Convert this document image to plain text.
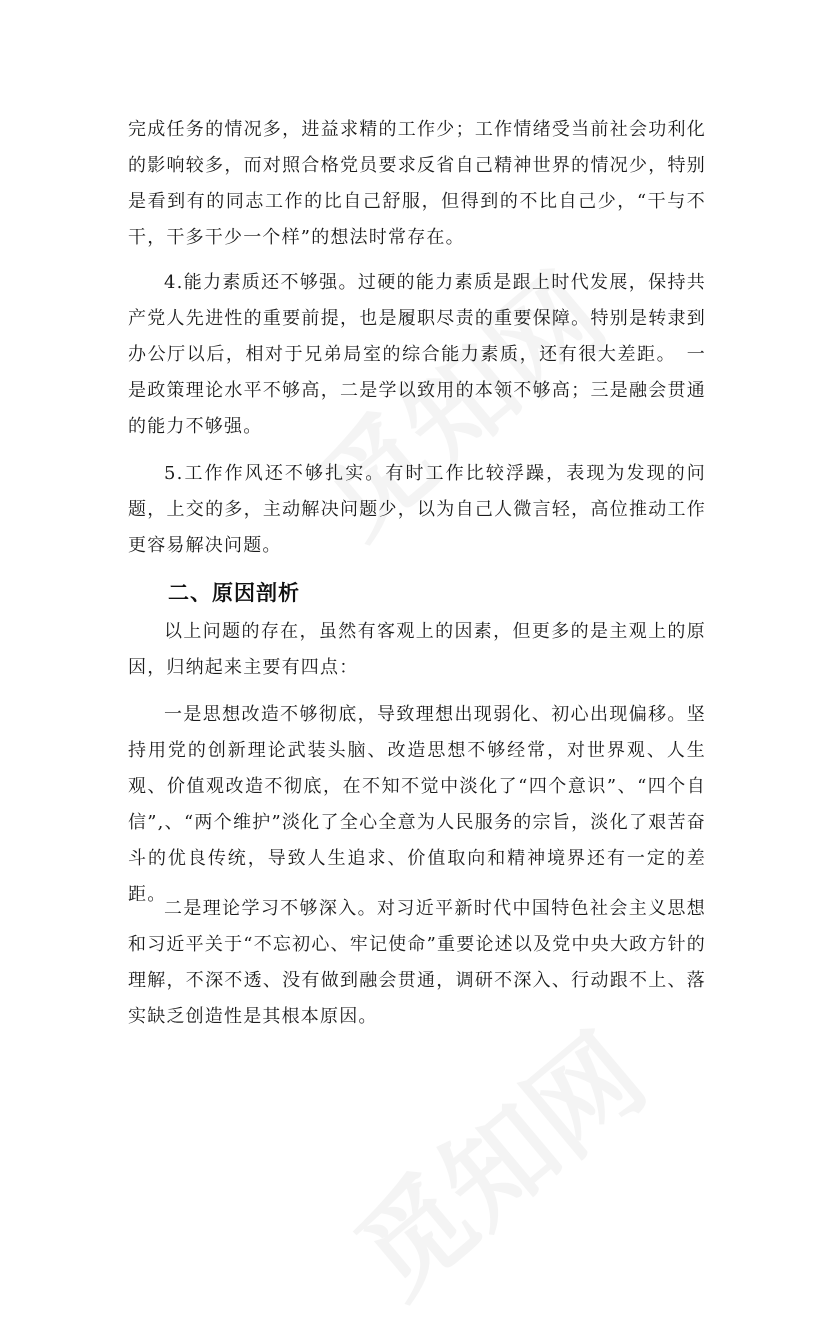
完成任务的情况多，进益求精的工作少；工作情绪受当前社会功利化的影响较多，而对照合格党员要求反省自己精神世界的情况少，特别是看到有的同志工作的比自己舒服，但得到的不比自己少，“干与不干，干多干少一个样”的想法时常存在。
4.能力素质还不够强。过硬的能力素质是跟上时代发展，保持共产党人先进性的重要前提，也是履职尽责的重要保障。特别是转隶到办公厅以后，相对于兄弟局室的综合能力素质，还有很大差距。　一是政策理论水平不够高，二是学以致用的本领不够高；三是融会贯通的能力不够强。
5.工作作风还不够扎实。有时工作比较浮躁，表现为发现的问题，上交的多，主动解决问题少，以为自己人微言轻，高位推动工作更容易解决问题。
二、原因剖析
以上问题的存在，虽然有客观上的因素，但更多的是主观上的原因，归纳起来主要有四点：
一是思想改造不够彻底，导致理想出现弱化、初心出现偏移。坚持用党的创新理论武装头脑、改造思想不够经常，对世界观、人生观、价值观改造不彻底，在不知不觉中淡化了“四个意识”、“四个自信”,、“两个维护”淡化了全心全意为人民服务的宗旨，淡化了艰苦奋斗的优良传统，导致人生追求、价值取向和精神境界还有一定的差距。
二是理论学习不够深入。对习近平新时代中国特色社会主义思想和习近平关于“不忘初心、牢记使命”重要论述以及党中央大政方针的理解，不深不透、没有做到融会贯通，调研不深入、行动跟不上、落实缺乏创造性是其根本原因。
